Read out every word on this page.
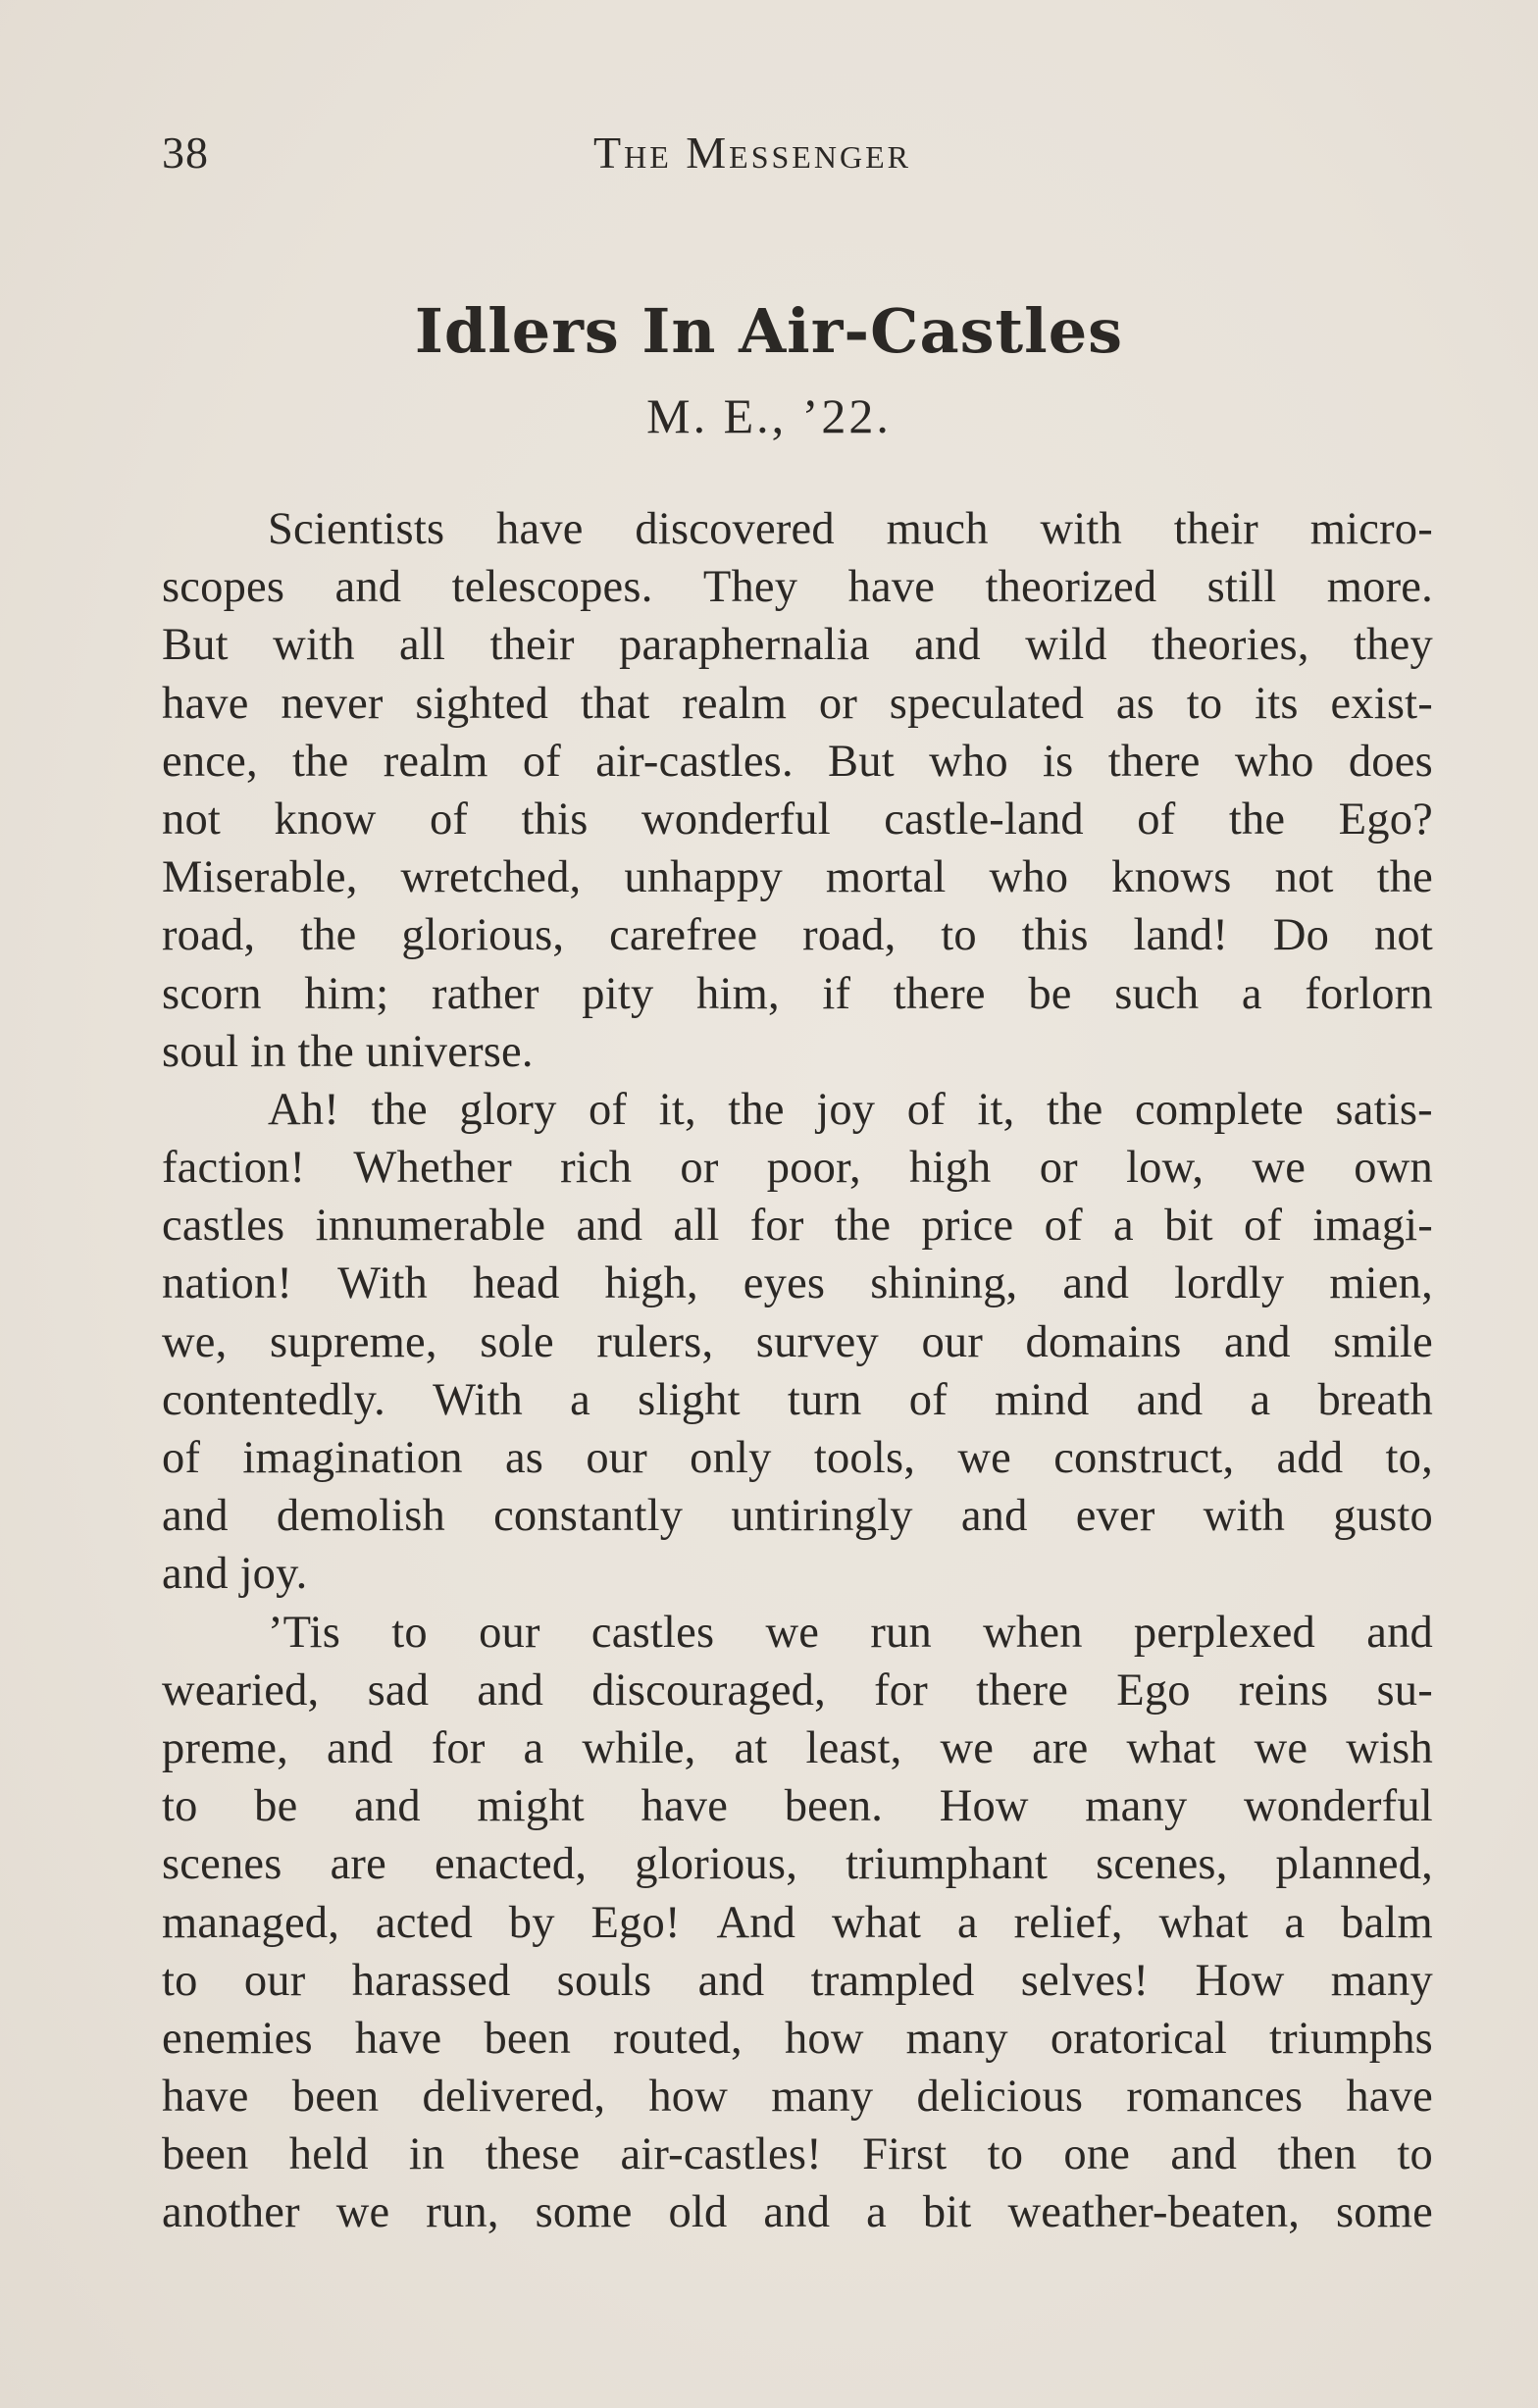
38	The Messenger
Idlers In Air-Castles
M. E., ’22.
Scientists have discovered much with their micro-
scopes and telescopes. They have theorized still more.
But with all their paraphernalia and wild theories, they
have never sighted that realm or speculated as to its exist-
ence, the realm of air-castles. But who is there who does
not know of this wonderful castle-land of the Ego?
Miserable, wretched, unhappy mortal who knows not the
road, the glorious, carefree road, to this land! Do not
scorn him; rather pity him, if there be such a forlorn
soul in the universe.
Ah! the glory of it, the joy of it, the complete satis-
faction! Whether rich or poor, high or low, we own
castles innumerable and all for the price of a bit of imagi-
nation! With head high, eyes shining, and lordly mien,
we, supreme, sole rulers, survey our domains and smile
contentedly. With a slight turn of mind and a breath
of imagination as our only tools, we construct, add to,
and demolish constantly untiringly and ever with gusto
and joy.
’Tis to our castles we run when perplexed and
wearied, sad and discouraged, for there Ego reins su-
preme, and for a while, at least, we are what we wish
to be and might have been. How many wonderful
scenes are enacted, glorious, triumphant scenes, planned,
managed, acted by Ego! And what a relief, what a balm
to our harassed souls and trampled selves! How many
enemies have been routed, how many oratorical triumphs
have been delivered, how many delicious romances have
been held in these air-castles! First to one and then to
another we run, some old and a bit weather-beaten, some
